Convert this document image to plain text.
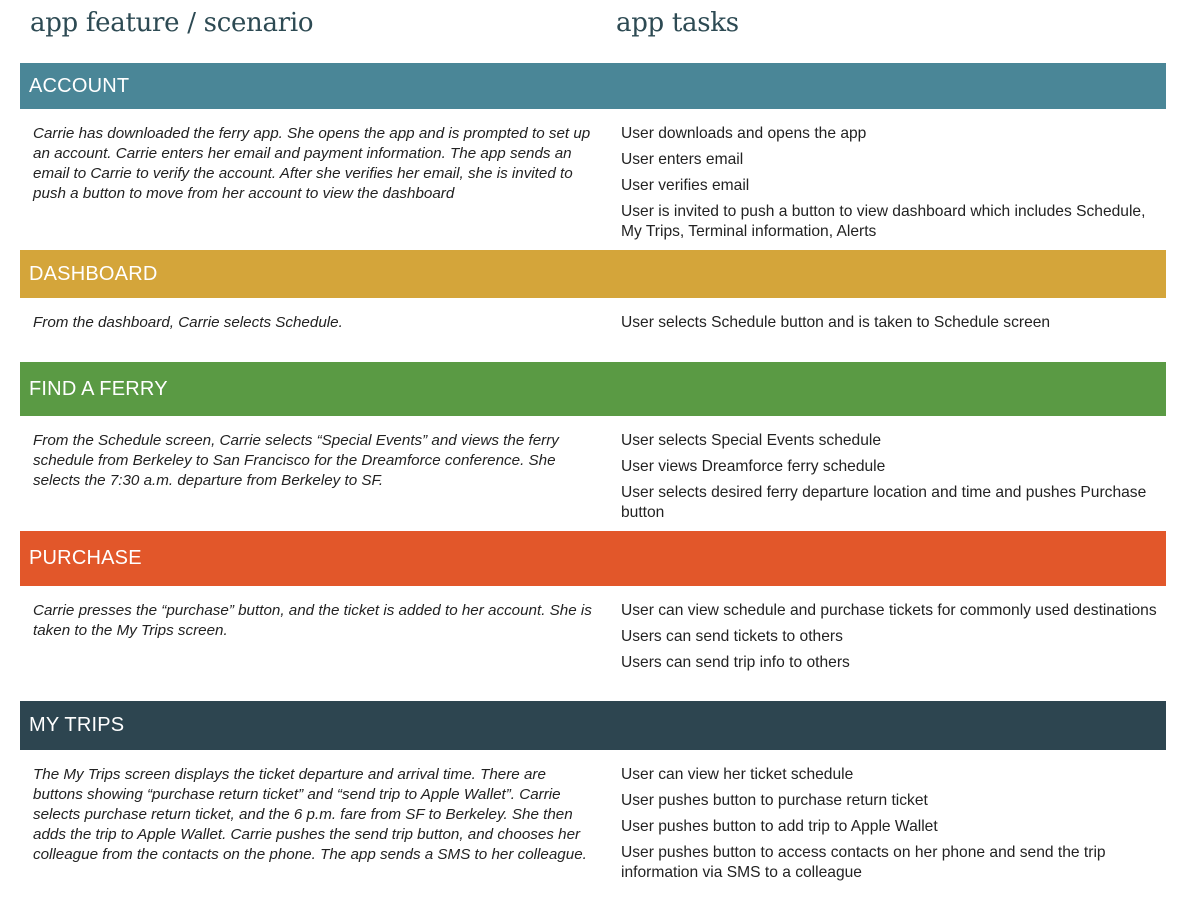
app feature / scenario	app tasks
ACCOUNT
Carrie has downloaded the ferry app. She opens the app and is prompted to set up an account. Carrie enters her email and payment information. The app sends an email to Carrie to verify the account. After she verifies her email, she is invited to push a button to move from her account to view the dashboard
User downloads and opens the app
User enters email
User verifies email
User is invited to push a button to view dashboard which includes Schedule, My Trips, Terminal information, Alerts
DASHBOARD
From the dashboard, Carrie selects Schedule.	User selects Schedule button and is taken to Schedule screen
FIND A FERRY
From the Schedule screen, Carrie selects “Special Events” and views the ferry schedule from Berkeley to San Francisco for the Dreamforce conference. She selects the 7:30 a.m. departure from Berkeley to SF.
User selects Special Events schedule
User views Dreamforce ferry schedule
User selects desired ferry departure location and time and pushes Purchase button
PURCHASE
Carrie presses the “purchase” button, and the ticket is added to her account. She is taken to the My Trips screen.
User can view schedule and purchase tickets for commonly used destinations
Users can send tickets to others
Users can send trip info to others
MY TRIPS
The My Trips screen displays the ticket departure and arrival time. There are buttons showing “purchase return ticket” and “send trip to Apple Wallet”. Carrie selects purchase return ticket, and the 6 p.m. fare from SF to Berkeley. She then adds the trip to Apple Wallet. Carrie pushes the send trip button, and chooses her colleague from the contacts on the phone. The app sends a SMS to her colleague.
User can view her ticket schedule
User pushes button to purchase return ticket
User pushes button to add trip to Apple Wallet
User pushes button to access contacts on her phone and send the trip information via SMS to a colleague
